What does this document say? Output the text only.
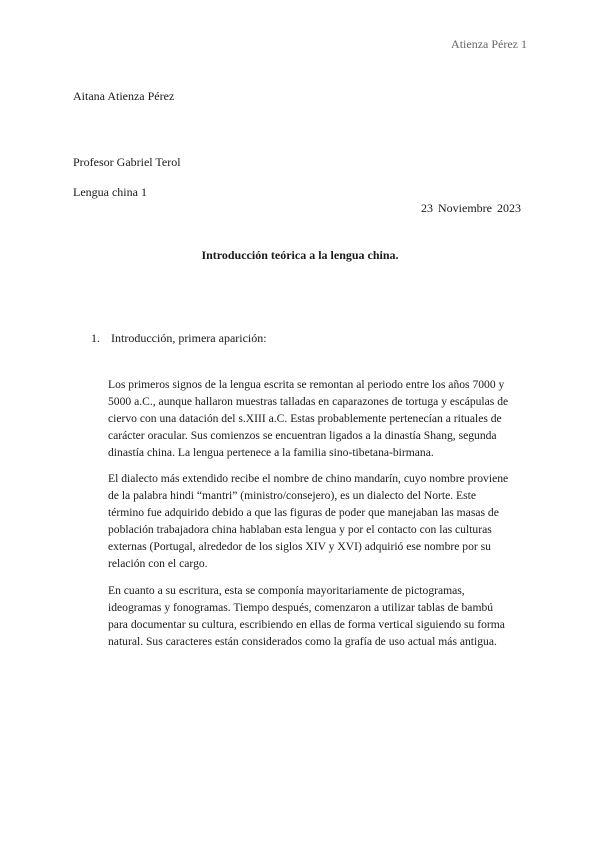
Atienza Pérez 1
Aitana Atienza Pérez
Profesor Gabriel Terol
Lengua china 1
23 Noviembre 2023
Introducción teórica a la lengua china.
1. Introducción, primera aparición:
Los primeros signos de la lengua escrita se remontan al periodo entre los años 7000 y
5000 a.C., aunque hallaron muestras talladas en caparazones de tortuga y escápulas de
ciervo con una datación del s.XIII a.C. Estas probablemente pertenecían a rituales de
carácter oracular. Sus comienzos se encuentran ligados a la dinastía Shang, segunda
dinastía china. La lengua pertenece a la familia sino-tibetana-birmana.
El dialecto más extendido recibe el nombre de chino mandarín, cuyo nombre proviene
de la palabra hindi “mantri” (ministro/consejero), es un dialecto del Norte. Este
término fue adquirido debido a que las figuras de poder que manejaban las masas de
población trabajadora china hablaban esta lengua y por el contacto con las culturas
externas (Portugal, alrededor de los siglos XIV y XVI) adquirió ese nombre por su
relación con el cargo.
En cuanto a su escritura, esta se componía mayoritariamente de pictogramas,
ideogramas y fonogramas. Tiempo después, comenzaron a utilizar tablas de bambú
para documentar su cultura, escribiendo en ellas de forma vertical siguiendo su forma
natural. Sus caracteres están considerados como la grafía de uso actual más antigua.
